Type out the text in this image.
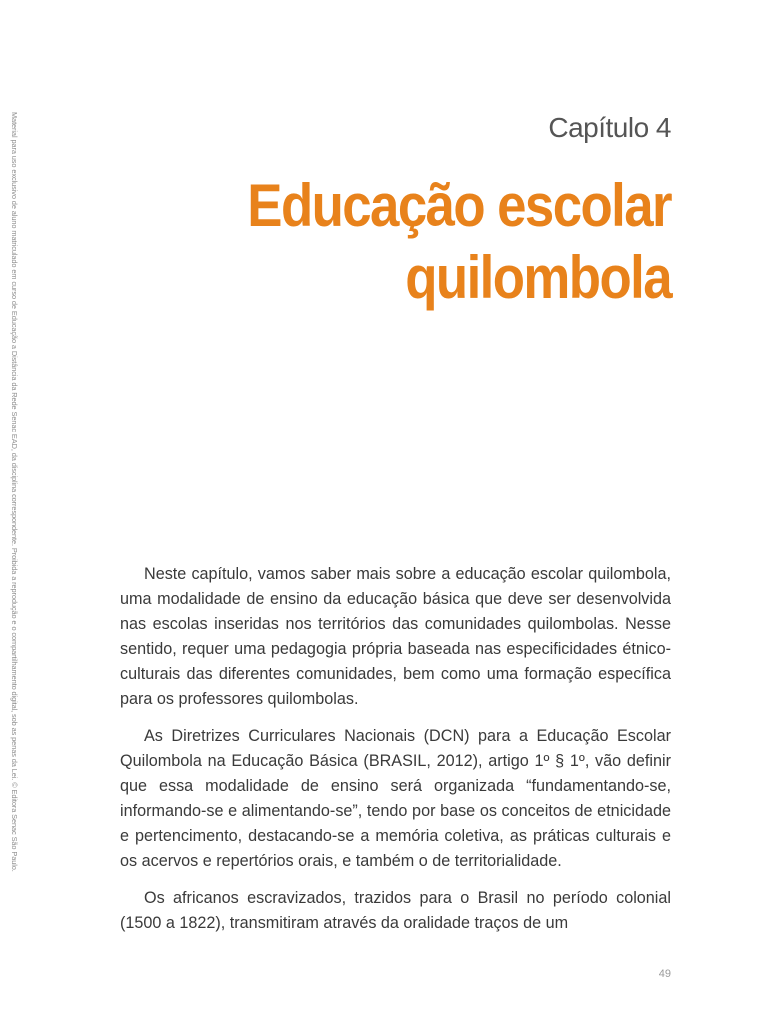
Material para uso exclusivo de aluno matriculado em curso de Educação a Distância da Rede Senac EAD, da disciplina correspondente. Proibida a reprodução e o compartilhamento digital, sob as penas da Lei. © Editora Senac São Paulo.	Capítulo 4
Educação escolar quilombola

Neste capítulo, vamos saber mais sobre a educação escolar quilombola, uma modalidade de ensino da educação básica que deve ser desenvolvida nas escolas inseridas nos territórios das comunidades quilombolas. Nesse sentido, requer uma pedagogia própria baseada nas especificidades étnico-culturais das diferentes comunidades, bem como uma formação específica para os professores quilombolas.

As Diretrizes Curriculares Nacionais (DCN) para a Educação Escolar Quilombola na Educação Básica (BRASIL, 2012), artigo 1º § 1º, vão definir que essa modalidade de ensino será organizada “fundamentando-se, informando-se e alimentando-se”, tendo por base os conceitos de etnicidade e pertencimento, destacando-se a memória coletiva, as práticas culturais e os acervos e repertórios orais, e também o de territorialidade.

Os africanos escravizados, trazidos para o Brasil no período colonial (1500 a 1822), transmitiram através da oralidade traços de um

49
